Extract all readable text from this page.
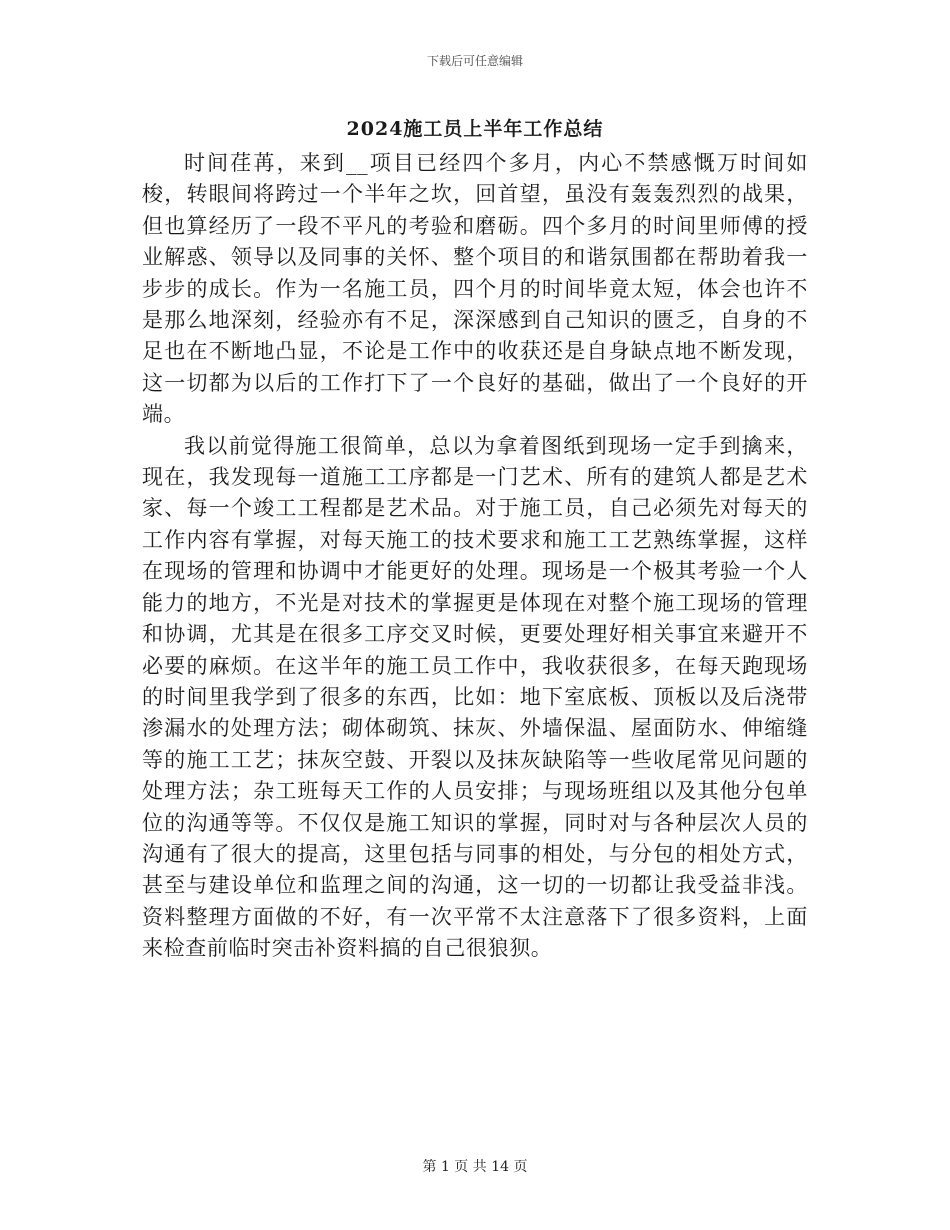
下载后可任意编辑
2024施工员上半年工作总结

时间荏苒，来到__项目已经四个多月，内心不禁感慨万时间如梭，转眼间将跨过一个半年之坎，回首望，虽没有轰轰烈烈的战果，但也算经历了一段不平凡的考验和磨砺。四个多月的时间里师傅的授业解惑、领导以及同事的关怀、整个项目的和谐氛围都在帮助着我一步步的成长。作为一名施工员，四个月的时间毕竟太短，体会也许不是那么地深刻，经验亦有不足，深深感到自己知识的匮乏，自身的不足也在不断地凸显，不论是工作中的收获还是自身缺点地不断发现，这一切都为以后的工作打下了一个良好的基础，做出了一个良好的开端。

我以前觉得施工很简单，总以为拿着图纸到现场一定手到擒来，现在，我发现每一道施工工序都是一门艺术、所有的建筑人都是艺术家、每一个竣工工程都是艺术品。对于施工员，自己必须先对每天的工作内容有掌握，对每天施工的技术要求和施工工艺熟练掌握，这样在现场的管理和协调中才能更好的处理。现场是一个极其考验一个人能力的地方，不光是对技术的掌握更是体现在对整个施工现场的管理和协调，尤其是在很多工序交叉时候，更要处理好相关事宜来避开不必要的麻烦。在这半年的施工员工作中，我收获很多，在每天跑现场的时间里我学到了很多的东西，比如：地下室底板、顶板以及后浇带渗漏水的处理方法；砌体砌筑、抹灰、外墙保温、屋面防水、伸缩缝等的施工工艺；抹灰空鼓、开裂以及抹灰缺陷等一些收尾常见问题的处理方法；杂工班每天工作的人员安排；与现场班组以及其他分包单位的沟通等等。不仅仅是施工知识的掌握，同时对与各种层次人员的沟通有了很大的提高，这里包括与同事的相处，与分包的相处方式，甚至与建设单位和监理之间的沟通，这一切的一切都让我受益非浅。资料整理方面做的不好，有一次平常不太注意落下了很多资料，上面来检查前临时突击补资料搞的自己很狼狈。

第 1 页 共 14 页
